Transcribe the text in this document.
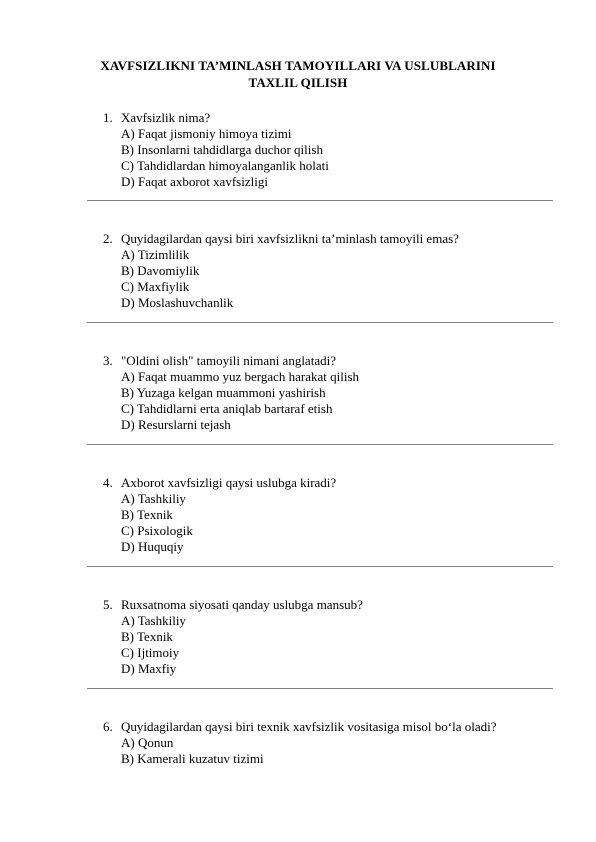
XAVFSIZLIKNI TA’MINLASH TAMOYILLARI VA USLUBLARINI
TAXLIL QILISH
1. Xavfsizlik nima?
A) Faqat jismoniy himoya tizimi
B) Insonlarni tahdidlarga duchor qilish
C) Tahdidlardan himoyalanganlik holati
D) Faqat axborot xavfsizligi
2. Quyidagilardan qaysi biri xavfsizlikni ta’minlash tamoyili emas?
A) Tizimlilik
B) Davomiylik
C) Maxfiylik
D) Moslashuvchanlik
3. "Oldini olish" tamoyili nimani anglatadi?
A) Faqat muammo yuz bergach harakat qilish
B) Yuzaga kelgan muammoni yashirish
C) Tahdidlarni erta aniqlab bartaraf etish
D) Resurslarni tejash
4. Axborot xavfsizligi qaysi uslubga kiradi?
A) Tashkiliy
B) Texnik
C) Psixologik
D) Huquqiy
5. Ruxsatnoma siyosati qanday uslubga mansub?
A) Tashkiliy
B) Texnik
C) Ijtimoiy
D) Maxfiy
6. Quyidagilardan qaysi biri texnik xavfsizlik vositasiga misol bo‘la oladi?
A) Qonun
B) Kamerali kuzatuv tizimi
